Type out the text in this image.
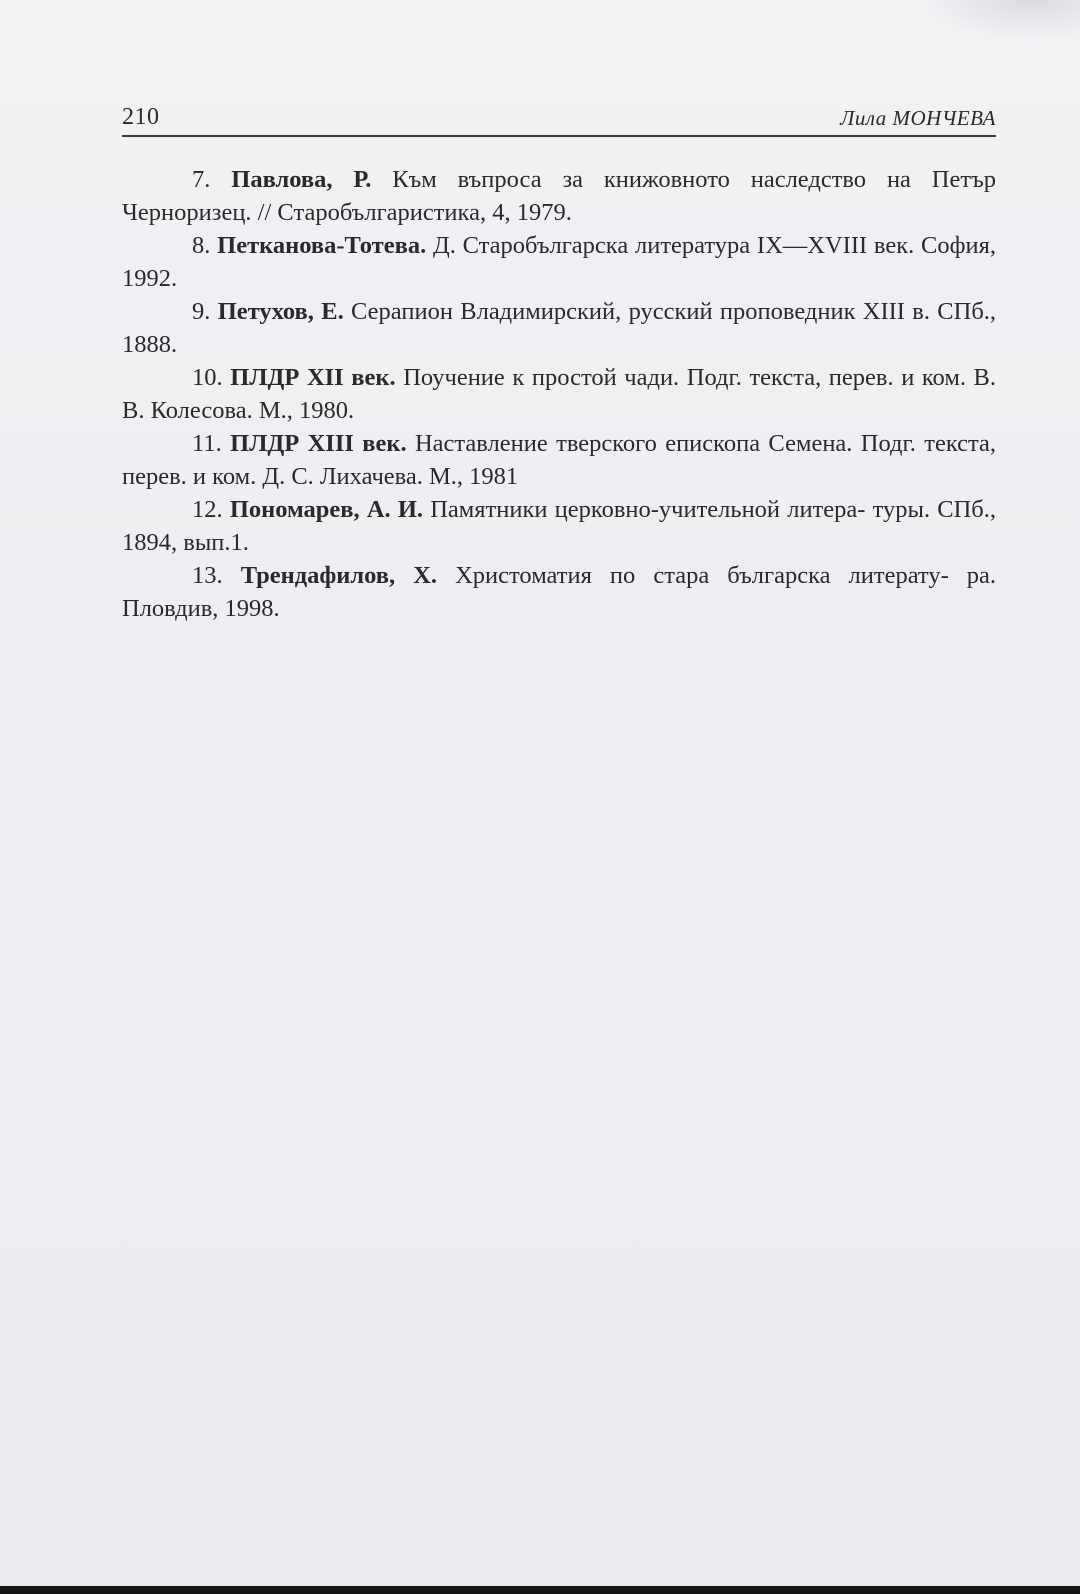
210	Лила МОНЧЕВА

7. Павлова, Р. Към въпроса за книжовното наследство на Петър Черноризец. // Старобългаристика, 4, 1979.

8. Петканова-Тотева. Д. Старобългарска литература IX—XVIII век. София, 1992.

9. Петухов, Е. Серапион Владимирский, русский проповедник XIII в. СПб., 1888.

10. ПЛДР XII век. Поучение к простой чади. Подг. текста, перев. и ком. В. В. Колесова. М., 1980.

11. ПЛДР XIII век. Наставление тверского епископа Семена. Подг. текста, перев. и ком. Д. С. Лихачева. М., 1981

12. Пономарев, А. И. Памятники церковно-учительной литера- туры. СПб., 1894, вып.1.

13. Трендафилов, Х. Христоматия по стара българска литерату- ра. Пловдив, 1998.
